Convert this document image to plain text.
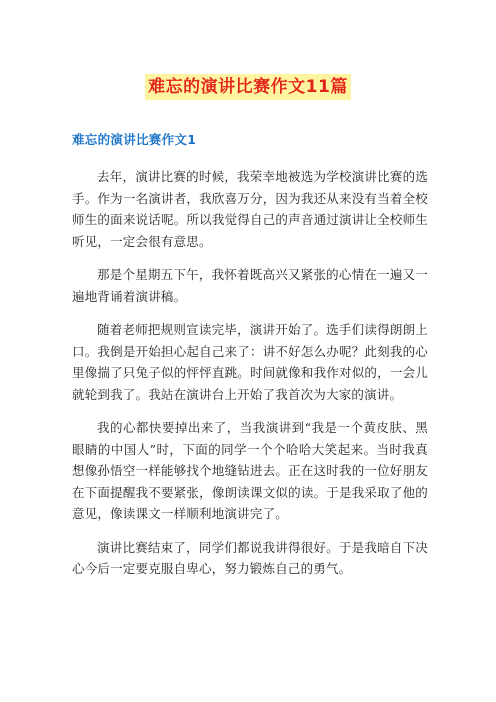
难忘的演讲比赛作文11篇
难忘的演讲比赛作文1

去年，演讲比赛的时候，我荣幸地被选为学校演讲比赛的选手。作为一名演讲者，我欣喜万分，因为我还从来没有当着全校师生的面来说话呢。所以我觉得自己的声音通过演讲让全校师生听见，一定会很有意思。

那是个星期五下午，我怀着既高兴又紧张的心情在一遍又一遍地背诵着演讲稿。

随着老师把规则宣读完毕，演讲开始了。选手们读得朗朗上口。我倒是开始担心起自己来了：讲不好怎么办呢？此刻我的心里像揣了只兔子似的怦怦直跳。时间就像和我作对似的，一会儿就轮到我了。我站在演讲台上开始了我首次为大家的演讲。

我的心都快要掉出来了，当我演讲到“我是一个黄皮肤、黑眼睛的中国人”时，下面的同学一个个哈哈大笑起来。当时我真想像孙悟空一样能够找个地缝钻进去。正在这时我的一位好朋友在下面提醒我不要紧张，像朗读课文似的读。于是我采取了他的意见，像读课文一样顺利地演讲完了。

演讲比赛结束了，同学们都说我讲得很好。于是我暗自下决心今后一定要克服自卑心，努力锻炼自己的勇气。
